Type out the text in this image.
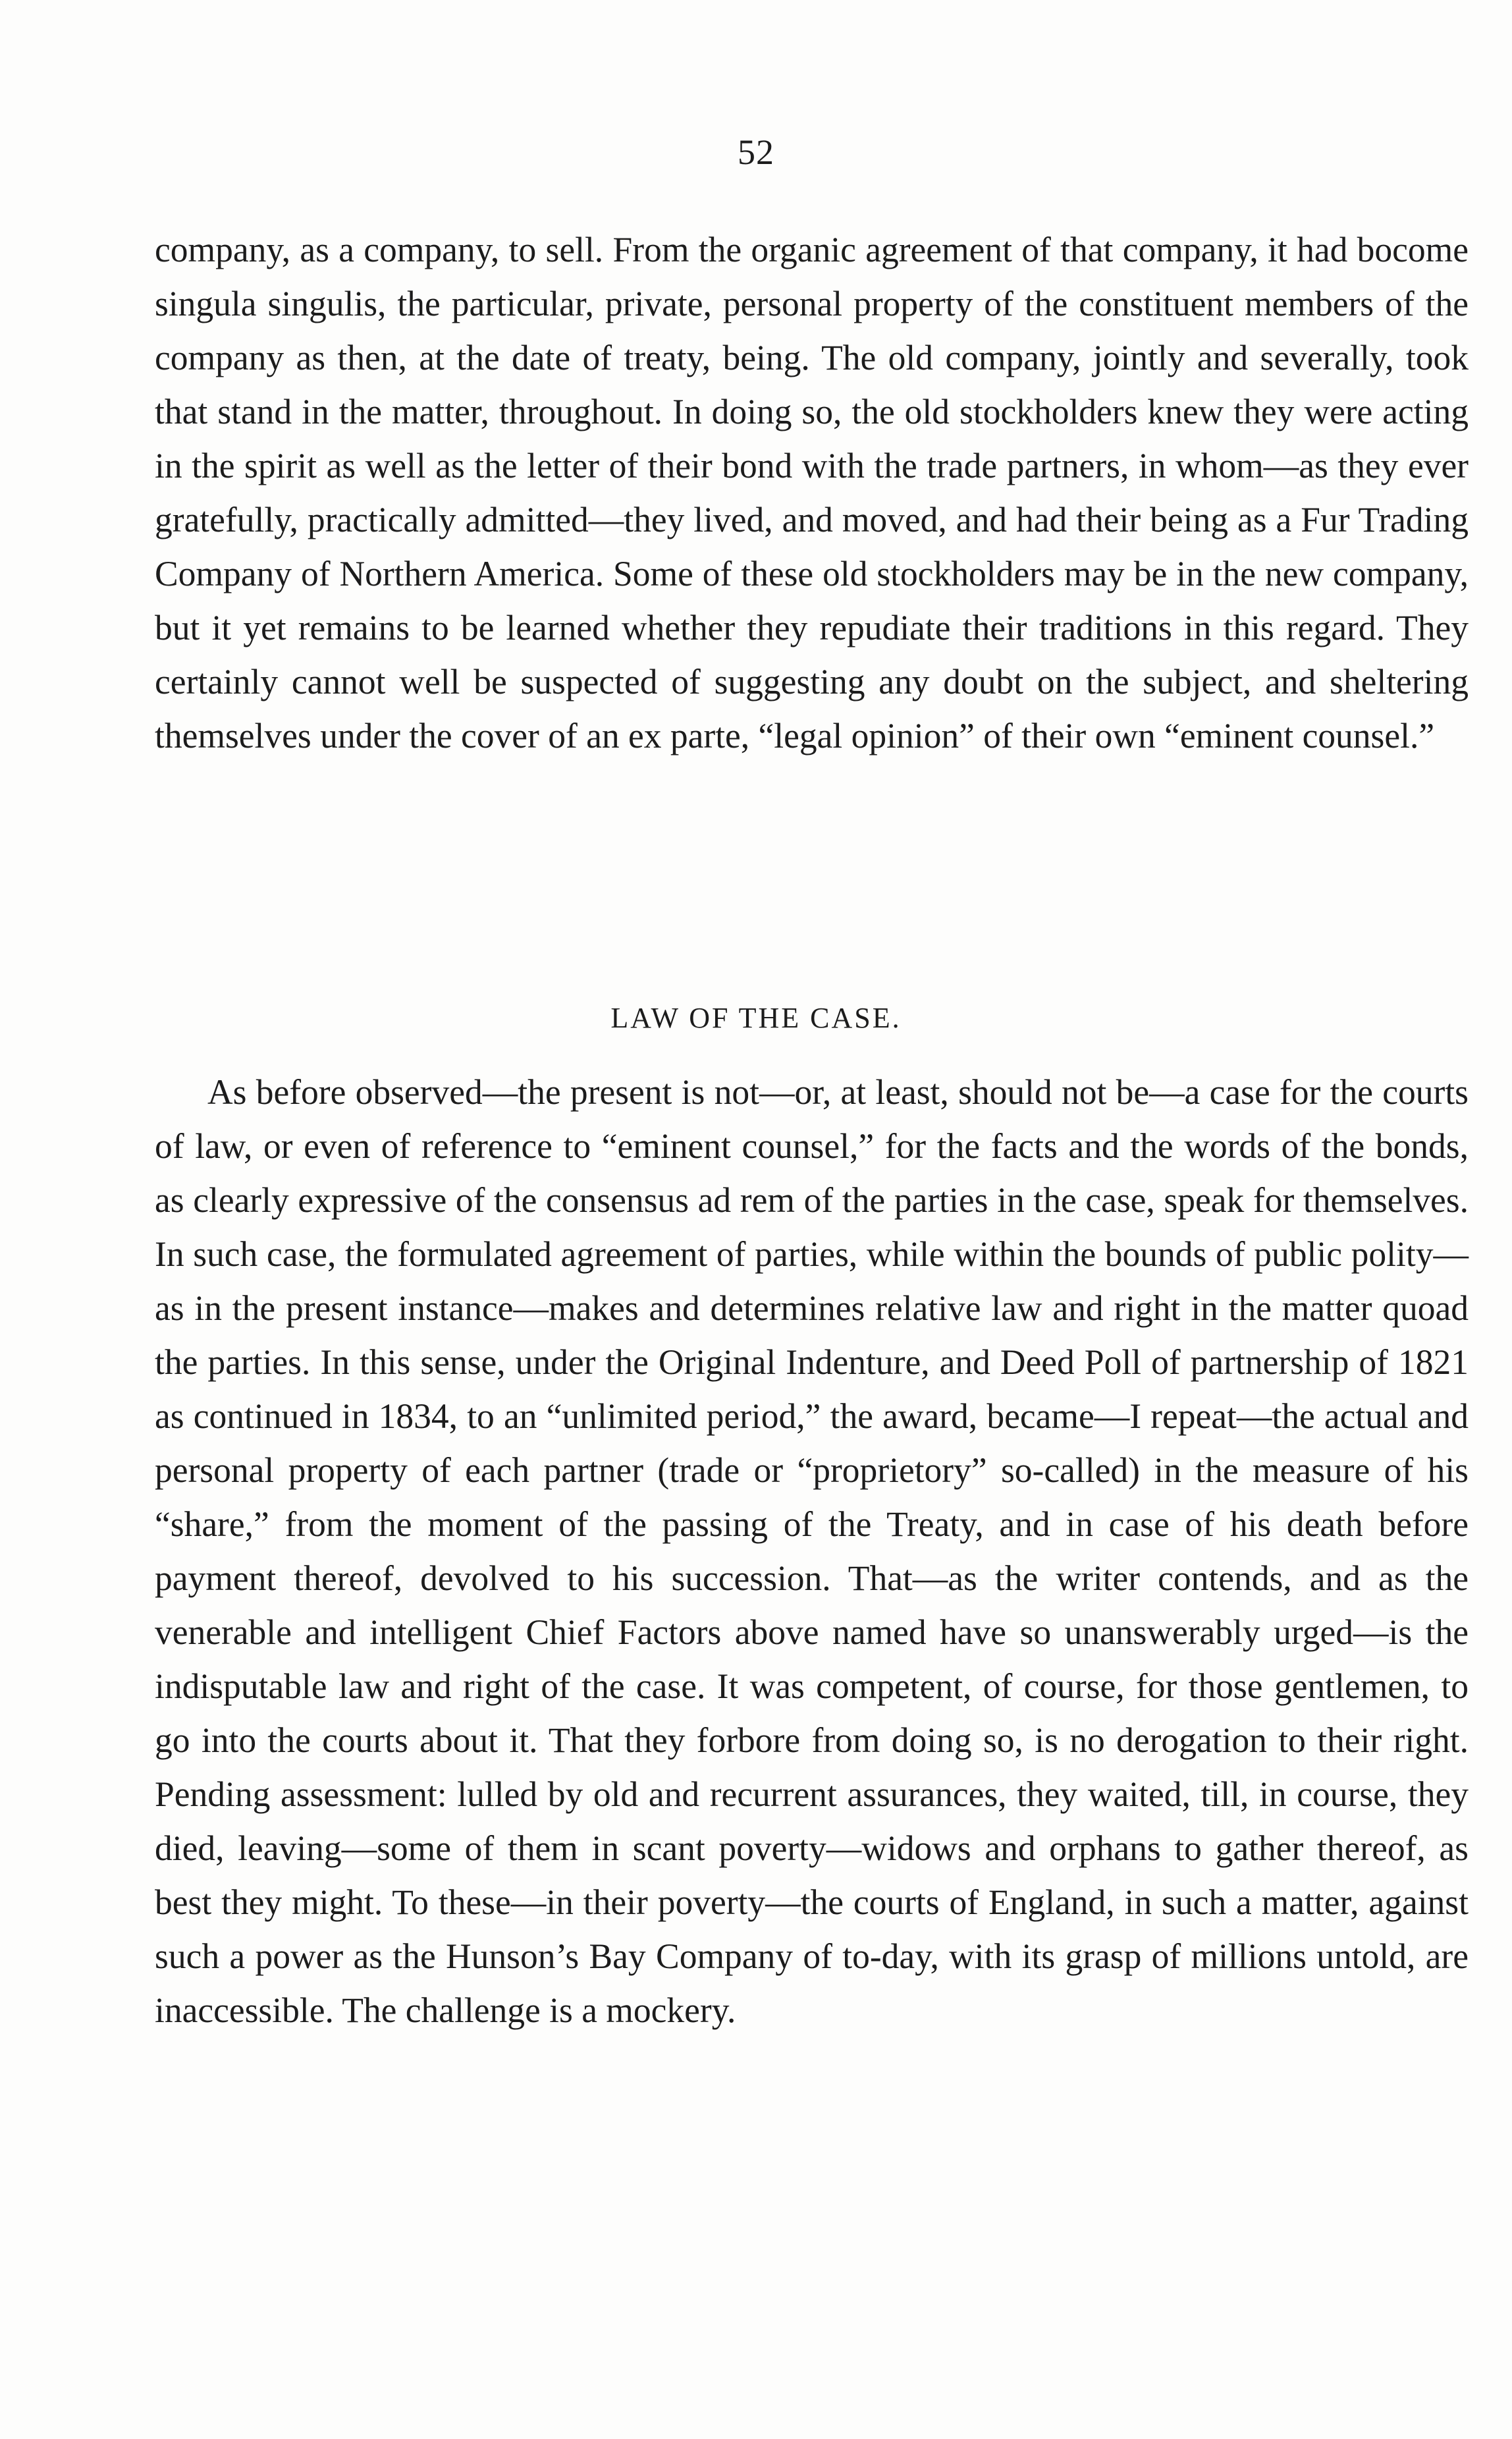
52

company, as a company, to sell. From the organic agreement of that company, it had bocome singula singulis, the particular, private, personal property of the constituent members of the company as then, at the date of treaty, being. The old company, jointly and severally, took that stand in the matter, throughout. In doing so, the old stockholders knew they were acting in the spirit as well as the letter of their bond with the trade partners, in whom—as they ever gratefully, practically admitted—they lived, and moved, and had their being as a Fur Trading Company of Northern America. Some of these old stockholders may be in the new company, but it yet remains to be learned whether they repudiate their traditions in this regard. They certainly cannot well be suspected of suggesting any doubt on the subject, and sheltering themselves under the cover of an ex parte, “legal opinion” of their own “eminent counsel.”

LAW OF THE CASE.

As before observed—the present is not—or, at least, should not be—a case for the courts of law, or even of reference to “eminent counsel,” for the facts and the words of the bonds, as clearly expressive of the consensus ad rem of the parties in the case, speak for themselves. In such case, the formulated agreement of parties, while within the bounds of public polity—as in the present instance—makes and determines relative law and right in the matter quoad the parties. In this sense, under the Original Indenture, and Deed Poll of partnership of 1821 as continued in 1834, to an “unlimited period,” the award, became—I repeat—the actual and personal property of each partner (trade or “proprietory” so-called) in the measure of his “share,” from the moment of the passing of the Treaty, and in case of his death before payment thereof, devolved to his succession. That—as the writer contends, and as the venerable and intelligent Chief Factors above named have so unanswerably urged—is the indisputable law and right of the case. It was competent, of course, for those gentlemen, to go into the courts about it. That they forbore from doing so, is no derogation to their right. Pending assessment: lulled by old and recurrent assurances, they waited, till, in course, they died, leaving—some of them in scant poverty—widows and orphans to gather thereof, as best they might. To these—in their poverty—the courts of England, in such a matter, against such a power as the Hunson’s Bay Company of to-day, with its grasp of millions untold, are inaccessible. The challenge is a mockery.
